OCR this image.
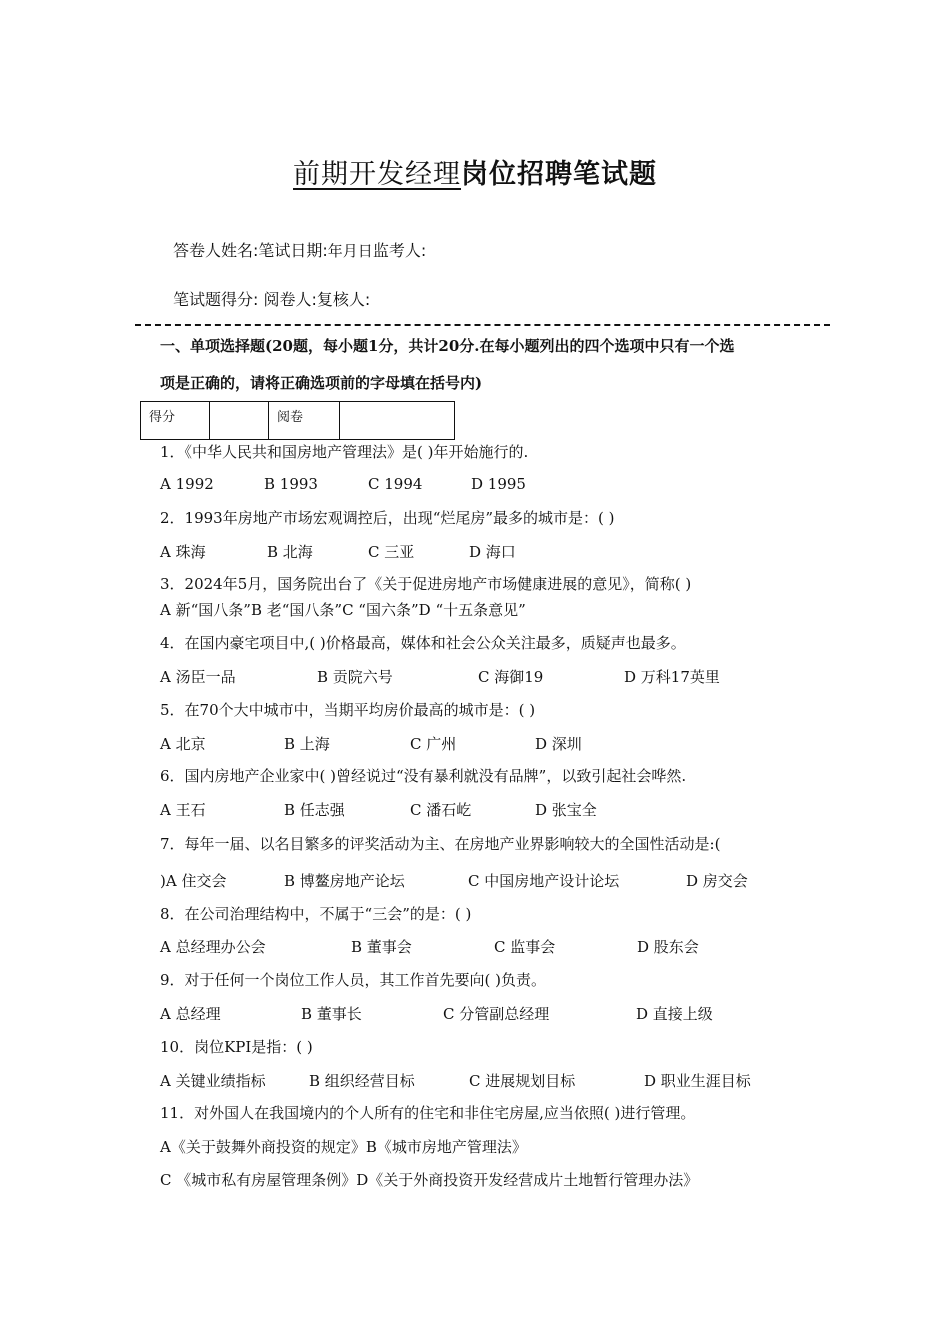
前期开发经理岗位招聘笔试题
答卷人姓名:笔试日期:年月日监考人:
笔试题得分: 阅卷人:复核人:
一、单项选择题(20题，每小题1分，共计20分.在每小题列出的四个选项中只有一个选
项是正确的，请将正确选项前的字母填在括号内)
得分		阅卷	
1．《中华人民共和国房地产管理法》是( )年开始施行的.
A 1992	B 1993	C 1994	D 1995
2．1993年房地产市场宏观调控后，出现“烂尾房”最多的城市是：( )
A 珠海	B 北海	C 三亚	D 海口
3．2024年5月，国务院出台了《关于促进房地产市场健康进展的意见》，简称( )
A 新“国八条”B 老“国八条”C “国六条”D “十五条意见”
4．在国内豪宅项目中,( )价格最高，媒体和社会公众关注最多，质疑声也最多。
A 汤臣一品	B 贡院六号	C 海御19	D 万科17英里
5．在70个大中城市中，当期平均房价最高的城市是：( )
A 北京	B 上海	C 广州	D 深圳
6．国内房地产企业家中( )曾经说过“没有暴利就没有品牌”，以致引起社会哗然.
A 王石	B 任志强	C 潘石屹	D 张宝全
7．每年一届、以名目繁多的评奖活动为主、在房地产业界影响较大的全国性活动是:(
)A 住交会	B 博鳌房地产论坛	C 中国房地产设计论坛	D 房交会
8．在公司治理结构中，不属于“三会”的是：( )
A 总经理办公会	B 董事会	C 监事会	D 股东会
9．对于任何一个岗位工作人员，其工作首先要向( )负责。
A 总经理	B 董事长	C 分管副总经理	D 直接上级
10．岗位KPI是指：( )
A 关键业绩指标	B 组织经营目标	C 进展规划目标	D 职业生涯目标
11．对外国人在我国境内的个人所有的住宅和非住宅房屋,应当依照( )进行管理。
A《关于鼓舞外商投资的规定》B《城市房地产管理法》
C 《城市私有房屋管理条例》D《关于外商投资开发经营成片土地暂行管理办法》
